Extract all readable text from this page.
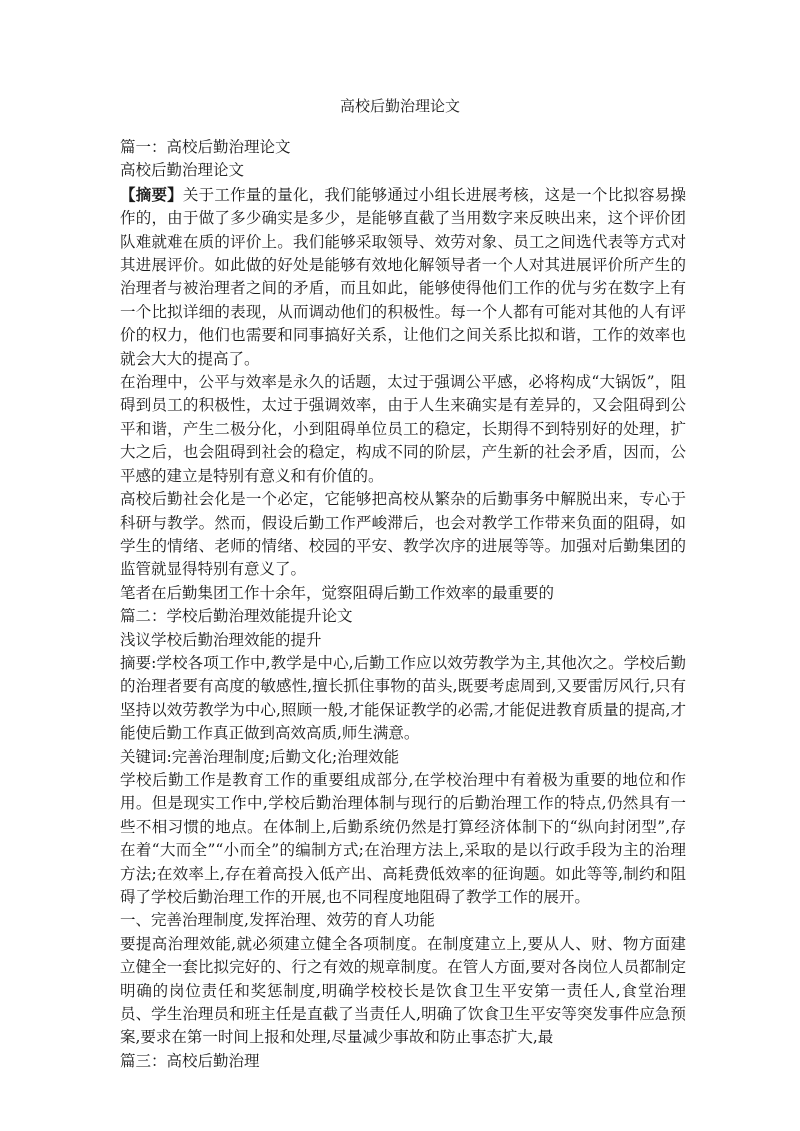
高校后勤治理论文

篇一：高校后勤治理论文

高校后勤治理论文

【摘要】关于工作量的量化，我们能够通过小组长进展考核，这是一个比拟容易操作的，由于做了多少确实是多少，是能够直截了当用数字来反映出来，这个评价团队难就难在质的评价上。我们能够采取领导、效劳对象、员工之间选代表等方式对其进展评价。如此做的好处是能够有效地化解领导者一个人对其进展评价所产生的治理者与被治理者之间的矛盾，而且如此，能够使得他们工作的优与劣在数字上有一个比拟详细的表现，从而调动他们的积极性。每一个人都有可能对其他的人有评价的权力，他们也需要和同事搞好关系，让他们之间关系比拟和谐，工作的效率也就会大大的提高了。

在治理中，公平与效率是永久的话题，太过于强调公平感，必将构成“大锅饭”，阻碍到员工的积极性，太过于强调效率，由于人生来确实是有差异的，又会阻碍到公平和谐，产生二极分化，小到阻碍单位员工的稳定，长期得不到特别好的处理，扩大之后，也会阻碍到社会的稳定，构成不同的阶层，产生新的社会矛盾，因而，公平感的建立是特别有意义和有价值的。

高校后勤社会化是一个必定，它能够把高校从繁杂的后勤事务中解脱出来，专心于科研与教学。然而，假设后勤工作严峻滞后，也会对教学工作带来负面的阻碍，如学生的情绪、老师的情绪、校园的平安、教学次序的进展等等。加强对后勤集团的监管就显得特别有意义了。

笔者在后勤集团工作十余年，觉察阻碍后勤工作效率的最重要的

篇二：学校后勤治理效能提升论文

浅议学校后勤治理效能的提升

摘要:学校各项工作中,教学是中心,后勤工作应以效劳教学为主,其他次之。学校后勤的治理者要有高度的敏感性,擅长抓住事物的苗头,既要考虑周到,又要雷厉风行,只有坚持以效劳教学为中心,照顾一般,才能保证教学的必需,才能促进教育质量的提高,才能使后勤工作真正做到高效高质,师生满意。

关键词:完善治理制度;后勤文化;治理效能

学校后勤工作是教育工作的重要组成部分,在学校治理中有着极为重要的地位和作用。但是现实工作中,学校后勤治理体制与现行的后勤治理工作的特点,仍然具有一些不相习惯的地点。在体制上,后勤系统仍然是打算经济体制下的“纵向封闭型”,存在着“大而全”“小而全”的编制方式;在治理方法上,采取的是以行政手段为主的治理方法;在效率上,存在着高投入低产出、高耗费低效率的征询题。如此等等,制约和阻碍了学校后勤治理工作的开展,也不同程度地阻碍了教学工作的展开。

一、完善治理制度,发挥治理、效劳的育人功能

要提高治理效能,就必须建立健全各项制度。在制度建立上,要从人、财、物方面建立健全一套比拟完好的、行之有效的规章制度。在管人方面,要对各岗位人员都制定明确的岗位责任和奖惩制度,明确学校校长是饮食卫生平安第一责任人,食堂治理员、学生治理员和班主任是直截了当责任人,明确了饮食卫生平安等突发事件应急预案,要求在第一时间上报和处理,尽量减少事故和防止事态扩大,最

篇三：高校后勤治理
